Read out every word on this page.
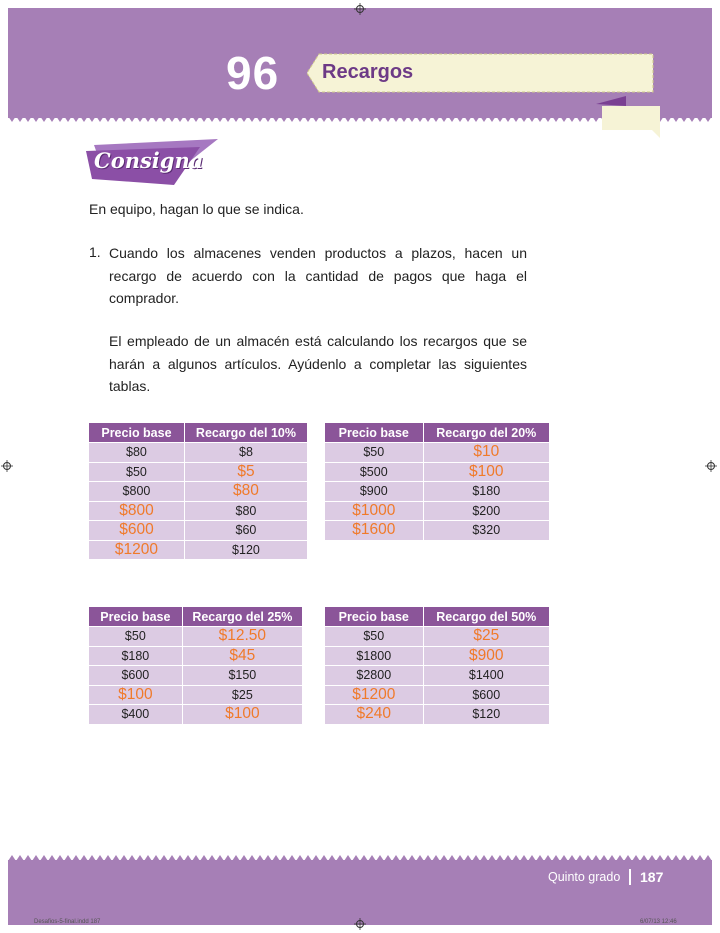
96 Recargos
Consigna
En equipo, hagan lo que se indica.
1. Cuando los almacenes venden productos a plazos, hacen un recargo de acuerdo con la cantidad de pagos que haga el comprador.
El empleado de un almacén está calculando los recargos que se harán a algunos artículos. Ayúdenlo a completar las siguientes tablas.
Precio base	Recargo del 10%
$80	$8
$50	$5
$800	$80
$800	$80
$600	$60
$1200	$120
Precio base	Recargo del 20%
$50	$10
$500	$100
$900	$180
$1000	$200
$1600	$320
Precio base	Recargo del 25%
$50	$12.50
$180	$45
$600	$150
$100	$25
$400	$100
Precio base	Recargo del 50%
$50	$25
$1800	$900
$2800	$1400
$1200	$600
$240	$120
Quinto grado 187
Desafios-5-final.indd 187	6/07/13 12:46
